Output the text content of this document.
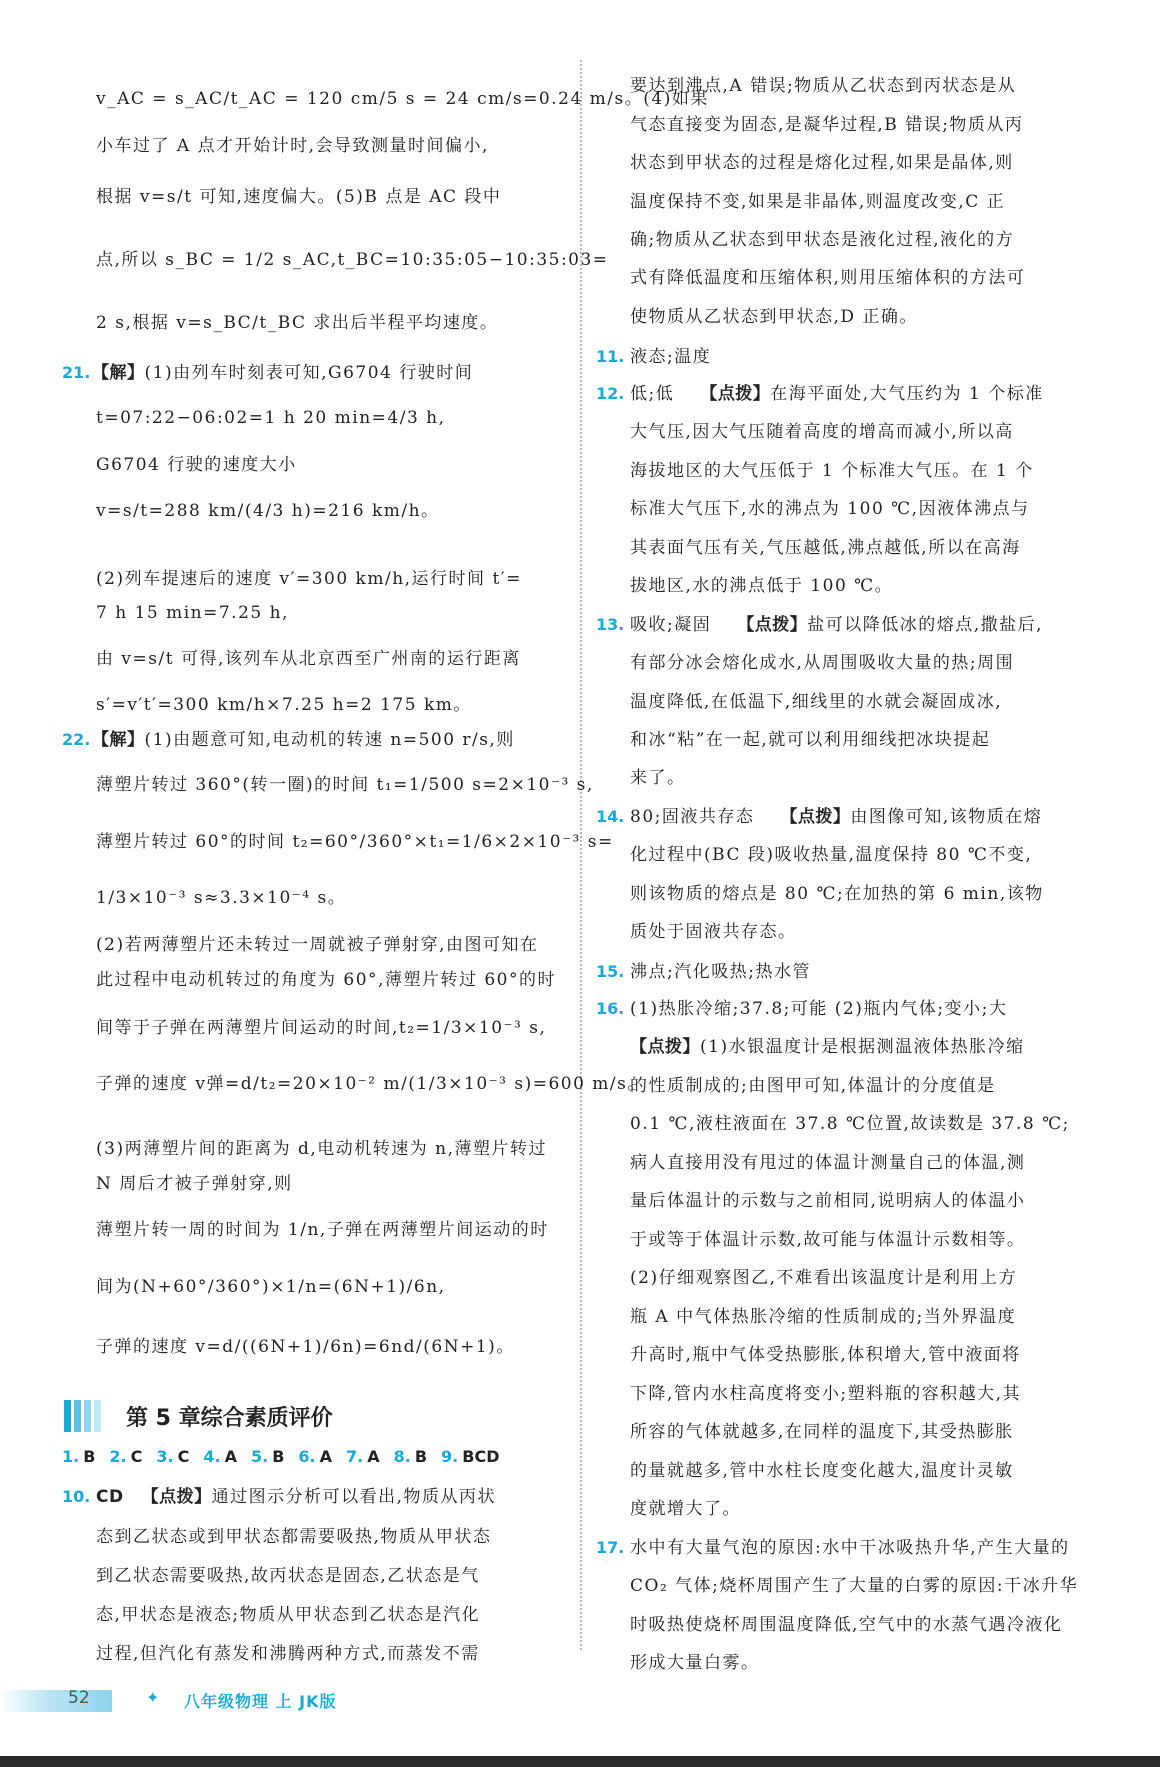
v_AC = s_AC/t_AC = 120 cm/5 s = 24 cm/s=0.24 m/s。(4)如果
小车过了 A 点才开始计时,会导致测量时间偏小,
根据 v=s/t 可知,速度偏大。(5)B 点是 AC 段中
点,所以 s_BC = 1/2 s_AC,t_BC=10:35:05−10:35:03=
2 s,根据 v=s_BC/t_BC 求出后半程平均速度。
21. 【解】(1)由列车时刻表可知,G6704 行驶时间
t=07:22−06:02=1 h 20 min=4/3 h,
G6704 行驶的速度大小
v=s/t=288 km/(4/3 h)=216 km/h。
(2)列车提速后的速度 v′=300 km/h,运行时间 t′=
7 h 15 min=7.25 h,
由 v=s/t 可得,该列车从北京西至广州南的运行距离
s′=v′t′=300 km/h×7.25 h=2 175 km。
22. 【解】(1)由题意可知,电动机的转速 n=500 r/s,则
薄塑片转过 360°(转一圈)的时间 t₁=1/500 s=2×10⁻³ s,
薄塑片转过 60°的时间 t₂=60°/360°×t₁=1/6×2×10⁻³ s=
1/3×10⁻³ s≈3.3×10⁻⁴ s。
(2)若两薄塑片还未转过一周就被子弹射穿,由图可知在
此过程中电动机转过的角度为 60°,薄塑片转过 60°的时
间等于子弹在两薄塑片间运动的时间,t₂=1/3×10⁻³ s,
子弹的速度 v弹=d/t₂=20×10⁻² m/(1/3×10⁻³ s)=600 m/s。
(3)两薄塑片间的距离为 d,电动机转速为 n,薄塑片转过
N 周后才被子弹射穿,则
薄塑片转一周的时间为 1/n,子弹在两薄塑片间运动的时
间为(N+60°/360°)×1/n=(6N+1)/6n,
子弹的速度 v=d/((6N+1)/6n)=6nd/(6N+1)。
第 5 章综合素质评价
1. B 2. C 3. C 4. A 5. B 6. A 7. A 8. B 9. BCD
10. CD 【点拨】通过图示分析可以看出,物质从丙状
态到乙状态或到甲状态都需要吸热,物质从甲状态
到乙状态需要吸热,故丙状态是固态,乙状态是气
态,甲状态是液态;物质从甲状态到乙状态是汽化
过程,但汽化有蒸发和沸腾两种方式,而蒸发不需
要达到沸点,A 错误;物质从乙状态到丙状态是从
气态直接变为固态,是凝华过程,B 错误;物质从丙
状态到甲状态的过程是熔化过程,如果是晶体,则
温度保持不变,如果是非晶体,则温度改变,C 正
确;物质从乙状态到甲状态是液化过程,液化的方
式有降低温度和压缩体积,则用压缩体积的方法可
使物质从乙状态到甲状态,D 正确。
11. 液态;温度
12. 低;低 【点拨】在海平面处,大气压约为 1 个标准
大气压,因大气压随着高度的增高而减小,所以高
海拔地区的大气压低于 1 个标准大气压。在 1 个
标准大气压下,水的沸点为 100 ℃,因液体沸点与
其表面气压有关,气压越低,沸点越低,所以在高海
拔地区,水的沸点低于 100 ℃。
13. 吸收;凝固 【点拨】盐可以降低冰的熔点,撒盐后,
有部分冰会熔化成水,从周围吸收大量的热;周围
温度降低,在低温下,细线里的水就会凝固成冰,
和冰“粘”在一起,就可以利用细线把冰块提起
来了。
14. 80;固液共存态 【点拨】由图像可知,该物质在熔
化过程中(BC 段)吸收热量,温度保持 80 ℃不变,
则该物质的熔点是 80 ℃;在加热的第 6 min,该物
质处于固液共存态。
15. 沸点;汽化吸热;热水管
16. (1)热胀冷缩;37.8;可能 (2)瓶内气体;变小;大
【点拨】(1)水银温度计是根据测温液体热胀冷缩
的性质制成的;由图甲可知,体温计的分度值是
0.1 ℃,液柱液面在 37.8 ℃位置,故读数是 37.8 ℃;
病人直接用没有甩过的体温计测量自己的体温,测
量后体温计的示数与之前相同,说明病人的体温小
于或等于体温计示数,故可能与体温计示数相等。
(2)仔细观察图乙,不难看出该温度计是利用上方
瓶 A 中气体热胀冷缩的性质制成的;当外界温度
升高时,瓶中气体受热膨胀,体积增大,管中液面将
下降,管内水柱高度将变小;塑料瓶的容积越大,其
所容的气体就越多,在同样的温度下,其受热膨胀
的量就越多,管中水柱长度变化越大,温度计灵敏
度就增大了。
17. 水中有大量气泡的原因:水中干冰吸热升华,产生大量的
CO₂ 气体;烧杯周围产生了大量的白雾的原因:干冰升华
时吸热使烧杯周围温度降低,空气中的水蒸气遇冷液化
形成大量白雾。
52	✦ 八年级物理 上 JK版
